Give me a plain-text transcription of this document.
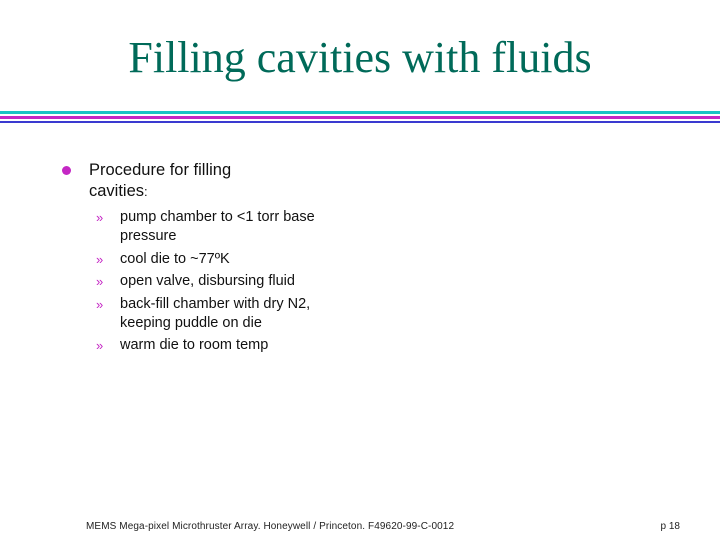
Filling cavities with fluids
Procedure for filling cavities:
» pump chamber to <1 torr base pressure
» cool die to ~77ºK
» open valve, disbursing fluid
» back-fill chamber with dry N2, keeping puddle on die
» warm die to room temp
MEMS Mega-pixel Microthruster Array. Honeywell / Princeton. F49620-99-C-0012	p 18
